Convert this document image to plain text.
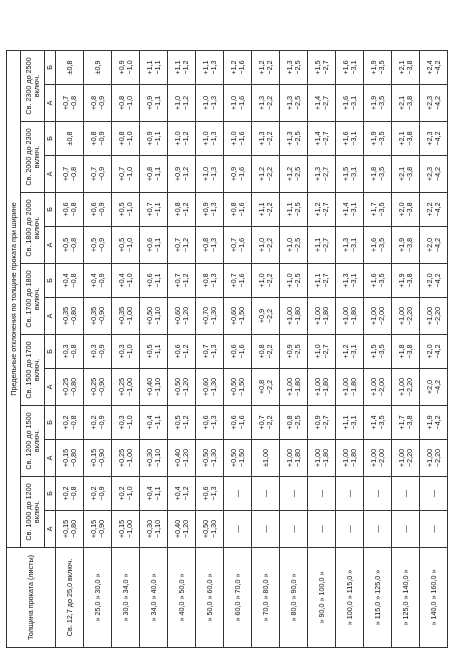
Толщина проката (листы)	Предельные отклонения по толщине проката при ширине													
	Св. 1000 до 1200 включ.		Св. 1200 до 1500 включ.		Св. 1500 до 1700 включ.		Св. 1700 до 1800 включ.		Св. 1800 до 2000 включ.		Св. 2000 до 2300 включ.		Св. 2300 до 2500 включ.	
	А	Б	А	Б	А	Б	А	Б	А	Б	А	Б	А	Б
Св. 12,7 до 25,0 включ.	+0,15 −0,80	+0,2 −0,8	+0,15 −0,80	+0,2 −0,8	+0,25 −0,80	+0,3 −0,8	+0,35 −0,80	+0,4 −0,8	+0,5 −0,8	+0,6 −0,8	+0,7 −0,8	±0,8	+0,7 −0,8	±0,8

» 25,0 » 30,0 »	+0,15 −0,90	+0,2 −0,9	+0,15 −0,90	+0,2 −0,9	+0,25 −0,90	+0,3 −0,9	+0,35 −0,90	+0,4 −0,9	+0,5 −0,9	+0,6 −0,9	+0,7 −0,9	+0,8 −0,9	+0,8 −0,9	±0,9

» 30,0 » 34,0 »	+0,15 −1,00	+0,2 −1,0	+0,25 −1,00	+0,3 −1,0	+0,25 −1,00	+0,3 −1,0	+0,35 −1,00	+0,4 −1,0	+0,5 −1,0	+0,5 −1,0	+0,7 −1,0	+0,8 −1,0	+0,8 −1,0	+0,9 −1,0

» 34,0 » 40,0 »	+0,30 −1,10	+0,4 −1,1	+0,30 −1,10	+0,4 −1,1	+0,40 −1,10	+0,5 −1,1	+0,50 −1,10	+0,6 −1,1	+0,6 −1,1	+0,7 −1,1	+0,8 −1,1	+0,9 −1,1	+0,9 −1,1	+1,1 −1,1

» 40,0 » 50,0 »	+0,40 −1,20	+0,4 −1,2	+0,40 −1,20	+0,5 −1,2	+0,50 −1,20	+0,6 −1,2	+0,60 −1,20	+0,7 −1,2	+0,7 −1,2	+0,8 −1,2	+0,9 −1,2	+1,0 −1,2	+1,0 −1,2	+1,1 −1,2

» 50,0 » 60,0 »	+0,50 −1,30	+0,6 −1,3	+0,50 −1,30	+0,6 −1,3	+0,60 −1,30	+0,7 −1,3	+0,70 −1,30	+0,8 −1,3	+0,8 −1,3	+0,9 −1,3	+1,0 −1,3	+1,0 −1,3	+1,0 −1,3	+1,1 −1,3

» 60,0 » 70,0 »	—	—	+0,50 −1,50	+0,6 −1,6	+0,50 −1,50	+0,6 −1,6	+0,60 −1,50	+0,7 −1,6	+0,7 −1,6	+0,8 −1,6	+0,9 −1,6	+1,0 −1,6	+1,0 −1,6	+1,2 −1,6

» 70,0 » 80,0 »	—	—	±1,00	+0,7 −2,2	+0,8 −2,2	+0,8 −2,2	+0,9 −2,2	+1,0 −2,2	+1,0 −2,2	+1,1 −2,2	+1,2 −2,2	+1,3 −2,2	+1,3 −2,2	+1,2 −2,2

» 80,0 » 90,0 »	—	—	+1,00 −1,80	+0,8 −2,5	+1,00 −1,80	+0,9 −2,5	+1,00 −1,80	+1,0 −2,5	+1,0 −2,5	+1,1 −2,5	+1,2 −2,5	+1,3 −2,5	+1,3 −2,5	+1,3 −2,5

» 90,0 » 100,0 »	—	—	+1,00 −1,80	+0,9 −2,7	+1,00 −1,80	+1,0 −2,7	+1,00 −1,80	+1,1 −2,7	+1,1 −2,7	+1,2 −2,7	+1,3 −2,7	+1,4 −2,7	+1,4 −2,7	+1,5 −2,7

» 100,0 » 115,0 »	—	—	+1,00 −1,80	+1,1 −3,1	+1,00 −1,80	+1,2 −3,1	+1,00 −1,80	+1,3 −3,1	+1,3 −3,1	+1,4 −3,1	+1,5 −3,1	+1,6 −3,1	+1,6 −3,1	+1,6 −3,1

» 115,0 » 125,0 »	—	—	+1,00 −2,00	+1,4 −3,5	+1,00 −2,00	+1,5 −3,5	+1,00 −2,00	+1,6 −3,5	+1,6 −3,5	+1,7 −3,5	+1,8 −3,5	+1,9 −3,5	+1,9 −3,5	+1,9 −3,5

» 125,0 » 140,0 »	—	—	+1,00 −2,20	+1,7 −3,8	+1,00 −2,20	+1,8 −3,8	+1,00 −2,20	+1,9 −3,8	+1,9 −3,8	+2,0 −3,8	+2,1 −3,8	+2,1 −3,8	+2,1 −3,8	+2,1 −3,8

» 140,0 » 160,0 »	—	—	+1,00 −2,20	+1,9 −4,2	+2,0 −4,2	+2,0 −4,2	+1,00 −2,20	+2,0 −4,2	+2,0 −4,2	+2,2 −4,2	+2,3 −4,2	+2,3 −4,2	+2,3 −4,2	+2,4 −4,2
